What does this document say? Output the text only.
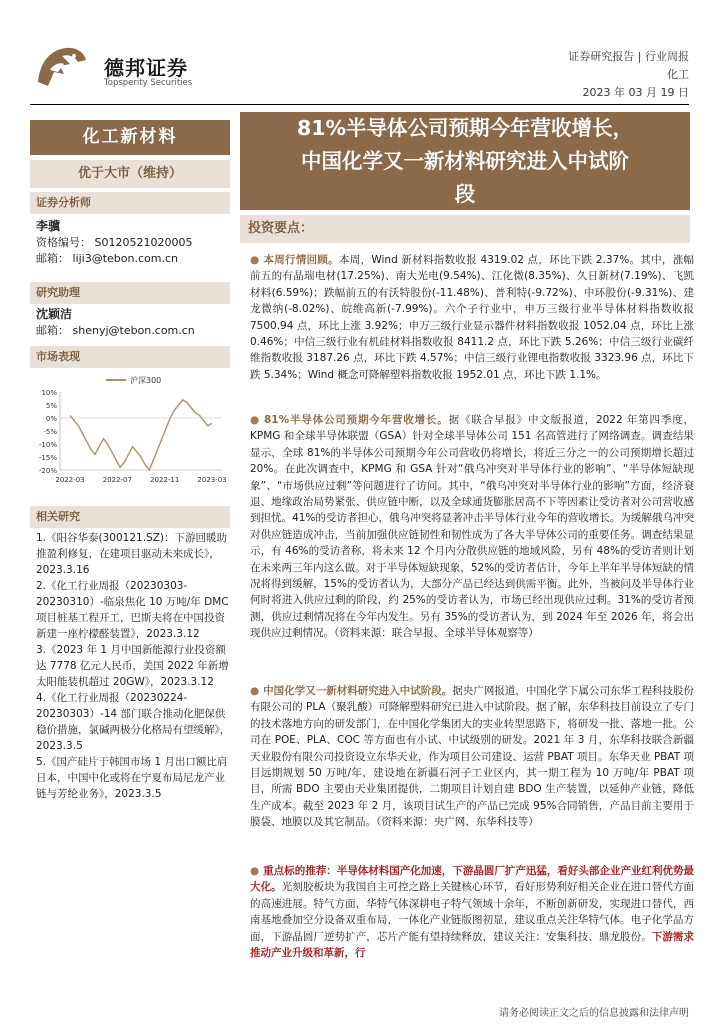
德邦证券
Topsperity Securities
证券研究报告 | 行业周报
化工
2023 年 03 月 19 日
化工新材料
优于大市（维持）
证券分析师
李骥
资格编号： S0120521020005
邮箱： liji3@tebon.com.cn
研究助理
沈颖洁
邮箱： shenyj@tebon.com.cn
市场表现
10%
5%
0%
-5%
-10%
-15%
-20%
2022-03	2022-07	2022-11	2023-03
沪深300
相关研究
1.《阳谷华泰(300121.SZ)：下游回暖助推盈利修复，在建项目驱动未来成长》，2023.3.16
2.《化工行业周报（20230303-20230310）-临泉焦化 10 万吨/年 DMC 项目桩基工程开工，巴斯夫将在中国投资新建一座柠檬醛装置》，2023.3.12
3.《2023 年 1 月中国新能源行业投资额达 7778 亿元人民币，美国 2022 年新增太阳能装机超过 20GW》，2023.3.12
4.《化工行业周报（20230224-20230303）-14 部门联合推动化肥保供稳价措施，氯碱两极分化格局有望缓解》，2023.3.5
5.《国产硅片于韩国市场 1 月出口额比肩日本，中国中化或将在宁夏布局尼龙产业链与芳纶业务》，2023.3.5
81%半导体公司预期今年营收增长，
中国化学又一新材料研究进入中试阶
段
投资要点：
● 本周行情回顾。本周，Wind 新材料指数收报 4319.02 点，环比下跌 2.37%。其中，涨幅前五的有晶瑞电材(17.25%)、南大光电(9.54%)、江化微(8.35%)、久日新材(7.19%)、飞凯材料(6.59%)；跌幅前五的有沃特股份(-11.48%)、普利特(-9.72%)、中环股份(-9.31%)、建龙微纳(-8.02%)、皖维高新(-7.99%)。六个子行业中，申万三级行业半导体材料指数收报 7500.94 点，环比上涨 3.92%；申万三级行业显示器件材料指数收报 1052.04 点，环比上涨 0.46%；中信三级行业有机硅材料指数收报 8411.2 点，环比下跌 5.26%；中信三级行业碳纤维指数收报 3187.26 点，环比下跌 4.57%；中信三级行业锂电指数收报 3323.96 点，环比下跌 5.34%；Wind 概念可降解塑料指数收报 1952.01 点，环比下跌 1.1%。
● 81%半导体公司预期今年营收增长。据《联合早报》中文版报道，2022 年第四季度，KPMG 和全球半导体联盟（GSA）针对全球半导体公司 151 名高管进行了网络调查。调查结果显示，全球 81%的半导体公司预期今年公司营收仍将增长，将近三分之一的公司预期增长超过 20%。在此次调查中，KPMG 和 GSA 针对“俄乌冲突对半导体行业的影响”、“半导体短缺现象”、“市场供应过剩”等问题进行了访问。其中，“俄乌冲突对半导体行业的影响”方面，经济衰退、地缘政治局势紧张、供应链中断，以及全球通货膨胀居高不下等因素让受访者对公司营收感到担忧。41%的受访者担心，俄乌冲突将显著冲击半导体行业今年的营收增长。为缓解俄乌冲突对供应链造成冲击，当前加强供应链韧性和韧性成为了各大半导体公司的重要任务。调查结果显示，有 46%的受访者称，将未来 12 个月内分散供应链的地域风险，另有 48%的受访者则计划在未来两三年内这么做。对于半导体短缺现象，52%的受访者估计，今年上半年半导体短缺的情况将得到缓解，15%的受访者认为，大部分产品已经达到供需平衡。此外，当被问及半导体行业何时将进入供应过剩的阶段，约 25%的受访者认为，市场已经出现供应过剩。31%的受访者预测，供应过剩情况将在今年内发生。另有 35%的受访者认为，到 2024 年至 2026 年，将会出现供应过剩情况。（资料来源：联合早报、全球半导体观察等）
● 中国化学又一新材料研究进入中试阶段。据央广网报道，中国化学下属公司东华工程科技股份有限公司的 PLA（聚乳酸）可降解塑料研究已进入中试阶段。据了解，东华科技目前设立了专门的技术落地方向的研发部门，在中国化学集团大的实业转型思路下，将研发一批、落地一批。公司在 POE、PLA、COC 等方面也有小试、中试级别的研发。2021 年 3 月，东华科技联合新疆天业股份有限公司投资设立东华天业，作为项目公司建设、运营 PBAT 项目。东华天业 PBAT 项目远期规划 50 万吨/年，建设地在新疆石河子工业区内，其一期工程为 10 万吨/年 PBAT 项目，所需 BDO 主要由天业集团提供，二期项目计划自建 BDO 生产装置，以延伸产业链，降低生产成本。截至 2023 年 2 月，该项目试生产的产品已完成 95%合同销售，产品目前主要用于膜袋、地膜以及其它制品。（资料来源：央广网、东华科技等）
● 重点标的推荐：半导体材料国产化加速，下游晶圆厂扩产迅猛，看好头部企业产业红利优势最大化。光刻胶板块为我国自主可控之路上关键核心环节，看好形势利好相关企业在进口替代方面的高速进展。特气方面，华特气体深耕电子特气领域十余年，不断创新研发，实现进口替代，西南基地叠加空分设备双重布局，一体化产业链版图初显，建议重点关注华特气体。电子化学品方面，下游晶圆厂逆势扩产，芯片产能有望持续释放，建议关注：安集科技、鼎龙股份。下游需求推动产业升级和革新，行
请务必阅读正文之后的信息披露和法律声明
